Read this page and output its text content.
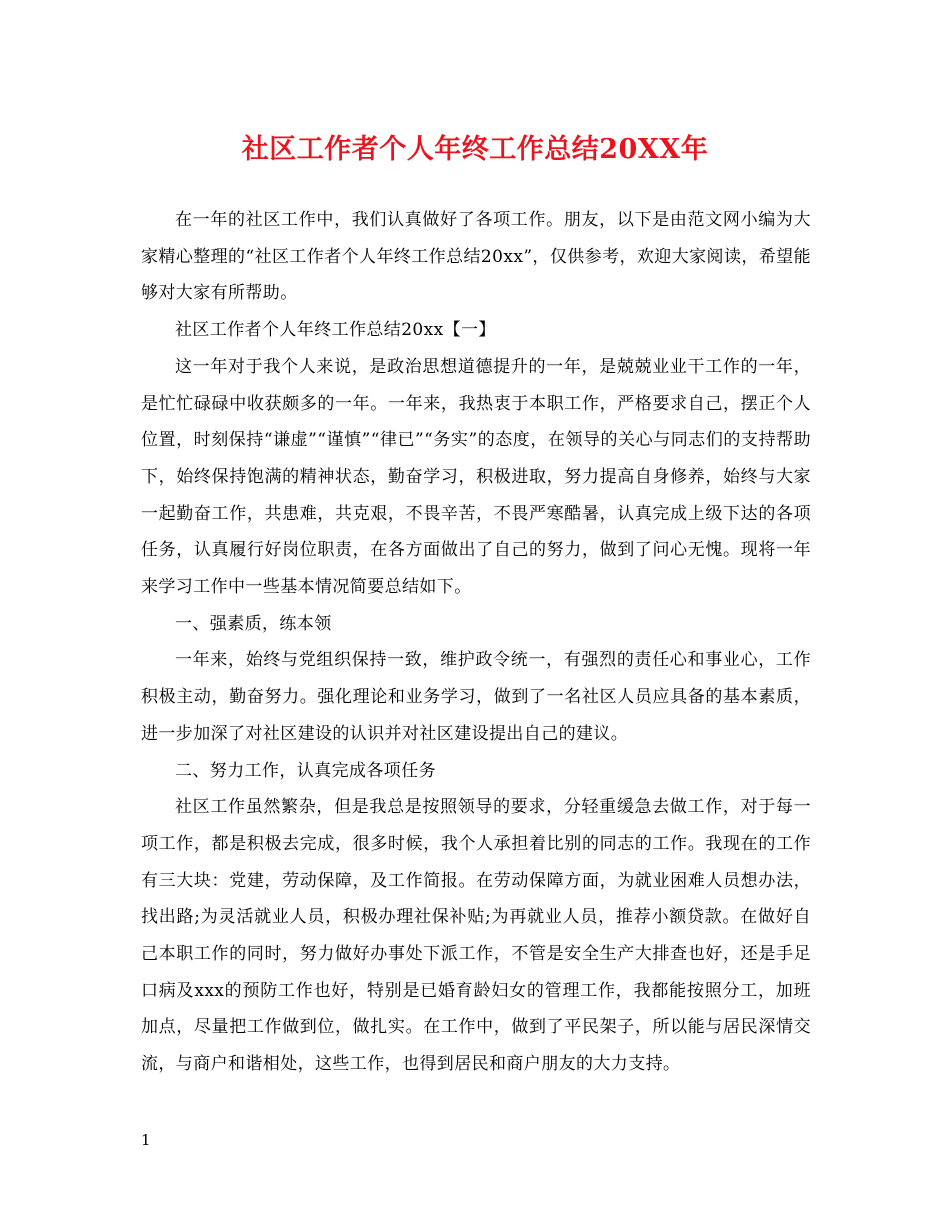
社区工作者个人年终工作总结20XX年

在一年的社区工作中，我们认真做好了各项工作。朋友，以下是由范文网小编为大家精心整理的“社区工作者个人年终工作总结20xx”，仅供参考，欢迎大家阅读，希望能够对大家有所帮助。

社区工作者个人年终工作总结20xx【一】

这一年对于我个人来说，是政治思想道德提升的一年，是兢兢业业干工作的一年，是忙忙碌碌中收获颇多的一年。一年来，我热衷于本职工作，严格要求自己，摆正个人位置，时刻保持“谦虚”“谨慎”“律已”“务实”的态度，在领导的关心与同志们的支持帮助下，始终保持饱满的精神状态，勤奋学习，积极进取，努力提高自身修养，始终与大家一起勤奋工作，共患难，共克艰，不畏辛苦，不畏严寒酷暑，认真完成上级下达的各项任务，认真履行好岗位职责，在各方面做出了自己的努力，做到了问心无愧。现将一年来学习工作中一些基本情况简要总结如下。

一、强素质，练本领

一年来，始终与党组织保持一致，维护政令统一，有强烈的责任心和事业心，工作积极主动，勤奋努力。强化理论和业务学习，做到了一名社区人员应具备的基本素质，进一步加深了对社区建设的认识并对社区建设提出自己的建议。

二、努力工作，认真完成各项任务

社区工作虽然繁杂，但是我总是按照领导的要求，分轻重缓急去做工作，对于每一项工作，都是积极去完成，很多时候，我个人承担着比别的同志的工作。我现在的工作有三大块：党建，劳动保障，及工作简报。在劳动保障方面，为就业困难人员想办法，找出路;为灵活就业人员，积极办理社保补贴;为再就业人员，推荐小额贷款。在做好自己本职工作的同时，努力做好办事处下派工作，不管是安全生产大排查也好，还是手足口病及xxx的预防工作也好，特别是已婚育龄妇女的管理工作，我都能按照分工，加班加点，尽量把工作做到位，做扎实。在工作中，做到了平民架子，所以能与居民深情交流，与商户和谐相处，这些工作，也得到居民和商户朋友的大力支持。

1
